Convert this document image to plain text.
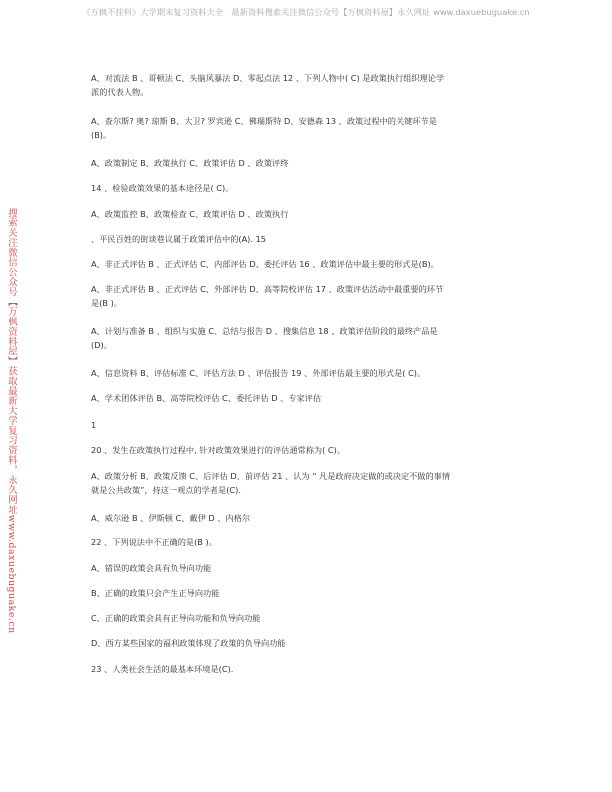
《万枫不挂科》大学期末复习资料大全　最新资料搜索关注微信公众号【万枫资料屋】永久网址 www.daxuebuguake.cn
搜索关注微信公众号【万枫资料屋】获取最新大学复习资料，永久网址www.daxuebuguake.cn
A、对流法 B 、哥顿法 C、头脑风暴法 D、零起点法 12 、下列人物中( C) 是政策执行组织理论学
派的代表人物。
A、查尔斯? 奥? 琼斯 B、大卫? 罗宾逊 C、佛瑞斯特 D、安德森 13 、政策过程中的关键环节是
(B)。
A、政策制定 B、政策执行 C、政策评估 D 、政策评终
14 、检验政策效果的基本途径是( C)。
A、政策监控 B、政策检查 C、政策评估 D 、政策执行
、平民百姓的街谈巷议属于政策评估中的(A). 15
A、非正式评估 B 、正式评估 C、内部评估 D、委托评估 16 、政策评估中最主要的形式是(B)。
A、非正式评估 B 、正式评估 C、外部评估 D、高等院校评估 17 、政策评估活动中最重要的环节
是(B )。
A、计划与准备 B 、组织与实施 C、总结与报告 D 、搜集信息 18 、政策评估阶段的最终产品是
(D)。
A、信息资料 B、评估标准 C、评估方法 D 、评估报告 19 、外部评估最主要的形式是( C)。
A、学术团体评估 B、高等院校评估 C、委托评估 D 、专家评估
1
20 、发生在政策执行过程中, 针对政策效果进行的评估通常称为( C)。
A、政策分析 B、政策反馈 C、后评估 D、前评估 21 、认为 “ 凡是政府决定做的或决定不做的事情
就是公共政策”，持这一观点的学者是(C).
A、威尔逊 B 、伊斯顿 C、戴伊 D 、内格尔
22 、下列说法中不正确的是(B )。
A、错误的政策会具有负导向功能
B、正确的政策只会产生正导向功能
C、正确的政策会具有正导向功能和负导向功能
D、西方某些国家的福利政策体现了政策的负导向功能
23 、人类社会生活的最基本环境是(C).
